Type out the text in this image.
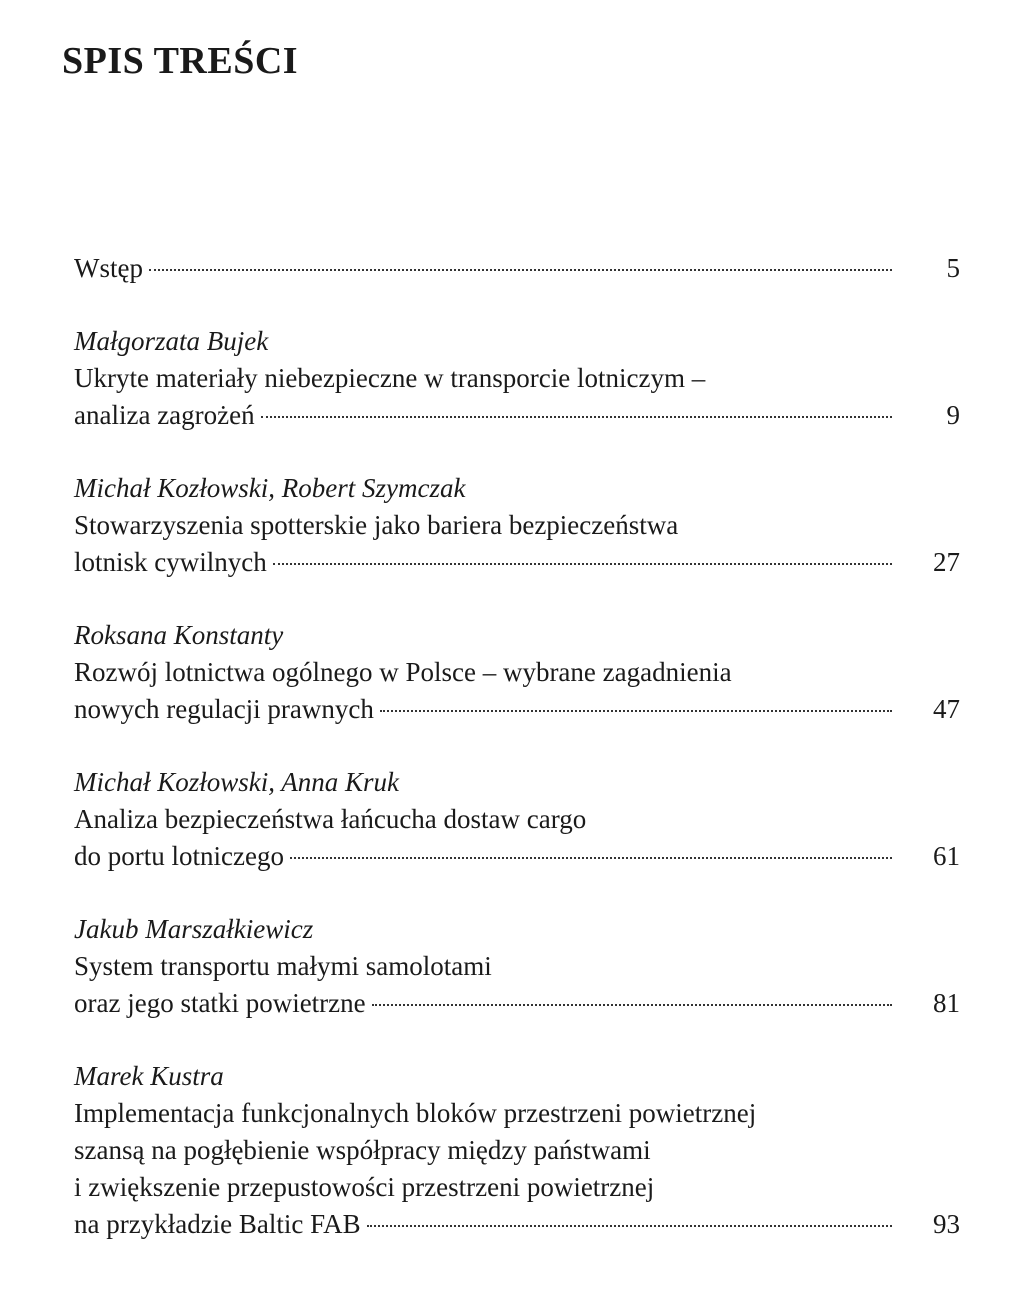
SPIS TREŚCI
Wstęp	5
Małgorzata Bujek
Ukryte materiały niebezpieczne w transporcie lotniczym –
analiza zagrożeń	9
Michał Kozłowski, Robert Szymczak
Stowarzyszenia spotterskie jako bariera bezpieczeństwa
lotnisk cywilnych	27
Roksana Konstanty
Rozwój lotnictwa ogólnego w Polsce – wybrane zagadnienia
nowych regulacji prawnych	47
Michał Kozłowski, Anna Kruk
Analiza bezpieczeństwa łańcucha dostaw cargo
do portu lotniczego	61
Jakub Marszałkiewicz
System transportu małymi samolotami
oraz jego statki powietrzne	81
Marek Kustra
Implementacja funkcjonalnych bloków przestrzeni powietrznej
szansą na pogłębienie współpracy między państwami
i zwiększenie przepustowości przestrzeni powietrznej
na przykładzie Baltic FAB	93
